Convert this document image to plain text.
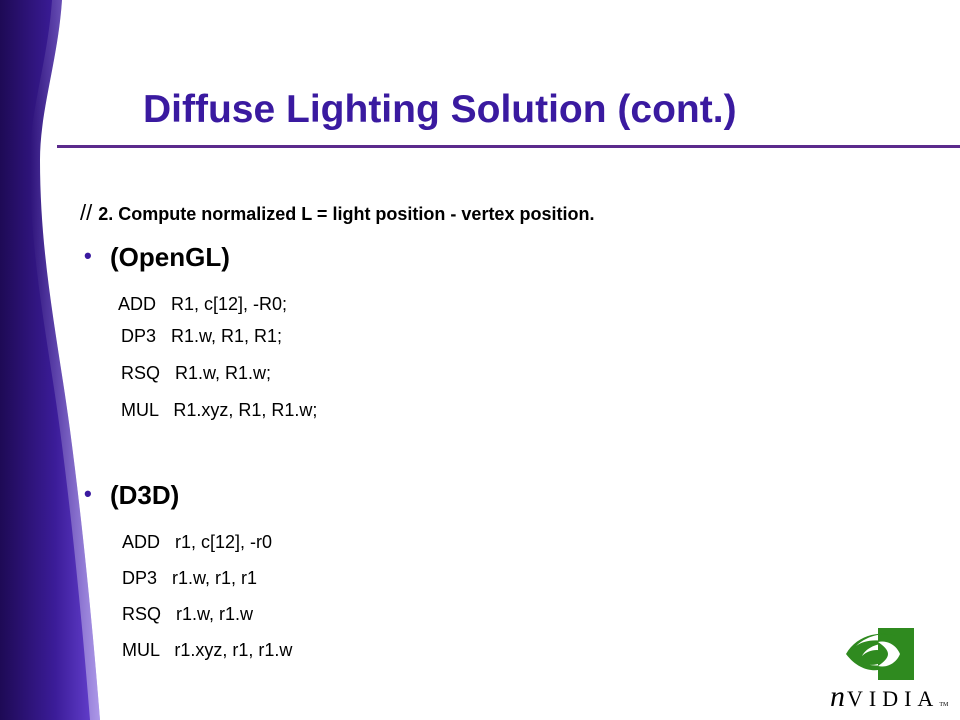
Diffuse Lighting Solution (cont.)
// 2. Compute normalized L = light position - vertex position.
• (OpenGL)
ADD   R1, c[12], -R0;
DP3   R1.w, R1, R1;
RSQ   R1.w, R1.w;
MUL   R1.xyz, R1, R1.w;
• (D3D)
ADD   r1, c[12], -r0
DP3   r1.w, r1, r1
RSQ   r1.w, r1.w
MUL   r1.xyz, r1, r1.w
nVIDIATM
